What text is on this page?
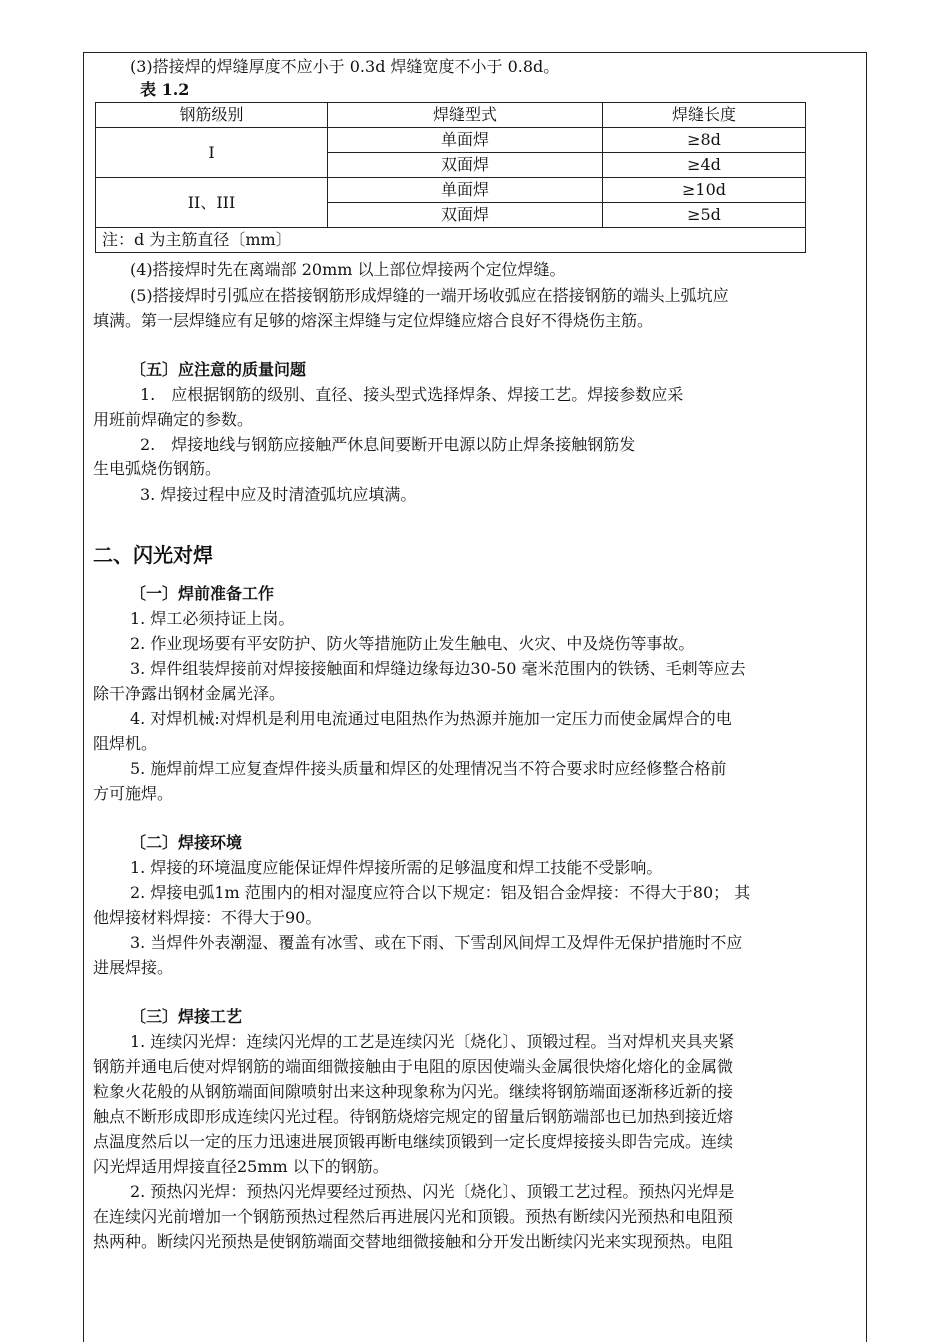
(3)搭接焊的焊缝厚度不应小于 0.3d 焊缝宽度不小于 0.8d。
表 1.2
钢筋级别	焊缝型式	焊缝长度
I	单面焊	≥8d
	双面焊	≥4d
II、III	单面焊	≥10d
	双面焊	≥5d
注：d 为主筋直径〔mm〕		
(4)搭接焊时先在离端部 20mm 以上部位焊接两个定位焊缝。
(5)搭接焊时引弧应在搭接钢筋形成焊缝的一端开场收弧应在搭接钢筋的端头上弧坑应
填满。第一层焊缝应有足够的熔深主焊缝与定位焊缝应熔合良好不得烧伤主筋。
〔五〕应注意的质量问题
1.　应根据钢筋的级别、直径、接头型式选择焊条、焊接工艺。焊接参数应采
用班前焊确定的参数。
2.　焊接地线与钢筋应接触严休息间要断开电源以防止焊条接触钢筋发
生电弧烧伤钢筋。
3. 焊接过程中应及时清渣弧坑应填满。
二、闪光对焊
〔一〕焊前准备工作
1. 焊工必须持证上岗。
2. 作业现场要有平安防护、防火等措施防止发生触电、火灾、中及烧伤等事故。
3. 焊件组装焊接前对焊接接触面和焊缝边缘每边30-50 毫米范围内的铁锈、毛刺等应去
除干净露出钢材金属光泽。
4. 对焊机械:对焊机是利用电流通过电阻热作为热源并施加一定压力而使金属焊合的电
阻焊机。
5. 施焊前焊工应复查焊件接头质量和焊区的处理情况当不符合要求时应经修整合格前
方可施焊。
〔二〕焊接环境
1. 焊接的环境温度应能保证焊件焊接所需的足够温度和焊工技能不受影响。
2. 焊接电弧1m 范围内的相对湿度应符合以下规定：铝及铝合金焊接：不得大于80； 其
他焊接材料焊接：不得大于90。
3. 当焊件外表潮湿、覆盖有冰雪、或在下雨、下雪刮风间焊工及焊件无保护措施时不应
进展焊接。
〔三〕焊接工艺
1. 连续闪光焊：连续闪光焊的工艺是连续闪光〔烧化〕、顶锻过程。当对焊机夹具夹紧
钢筋并通电后使对焊钢筋的端面细微接触由于电阻的原因使端头金属很快熔化熔化的金属微
粒象火花般的从钢筋端面间隙喷射出来这种现象称为闪光。继续将钢筋端面逐渐移近新的接
触点不断形成即形成连续闪光过程。待钢筋烧熔完规定的留量后钢筋端部也已加热到接近熔
点温度然后以一定的压力迅速进展顶锻再断电继续顶锻到一定长度焊接接头即告完成。连续
闪光焊适用焊接直径25mm 以下的钢筋。
2. 预热闪光焊：预热闪光焊要经过预热、闪光〔烧化〕、顶锻工艺过程。预热闪光焊是
在连续闪光前增加一个钢筋预热过程然后再进展闪光和顶锻。预热有断续闪光预热和电阻预
热两种。断续闪光预热是使钢筋端面交替地细微接触和分开发出断续闪光来实现预热。电阻
